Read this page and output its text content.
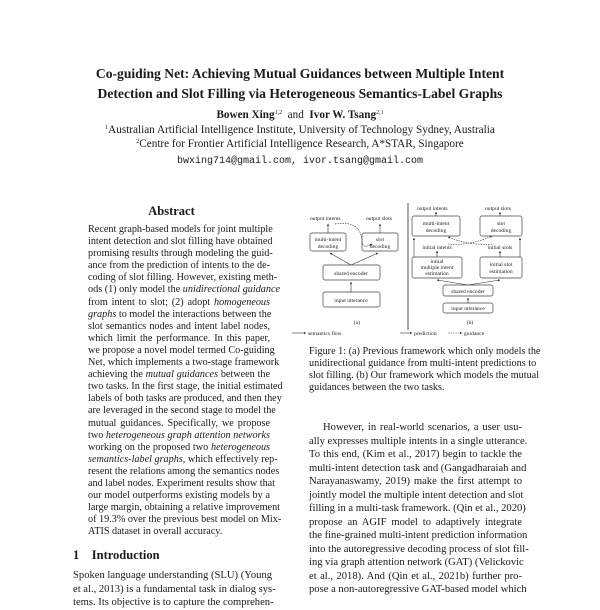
Co-guiding Net: Achieving Mutual Guidances between Multiple Intent
Detection and Slot Filling via Heterogeneous Semantics-Label Graphs
Bowen Xing$^{1,2}$ and Ivor W. Tsang$^{2,1}$
$^1$Australian Artificial Intelligence Institute, University of Technology Sydney, Australia
$^2$Centre for Frontier Artificial Intelligence Research, A*STAR, Singapore
bwxing714@gmail.com, ivor.tsang@gmail.com
Abstract
Recent graph-based models for joint multiple
intent detection and slot filling have obtained
promising results through modeling the guid-
ance from the prediction of intents to the de-
coding of slot filling. However, existing meth-
ods (1) only model the unidirectional guidance
from intent to slot; (2) adopt homogeneous
graphs to model the interactions between the
slot semantics nodes and intent label nodes,
which limit the performance. In this paper,
we propose a novel model termed Co-guiding
Net, which implements a two-stage framework
achieving the mutual guidances between the
two tasks. In the first stage, the initial estimated
labels of both tasks are produced, and then they
are leveraged in the second stage to model the
mutual guidances. Specifically, we propose
two heterogeneous graph attention networks
working on the proposed two heterogeneous
semantics-label graphs, which effectively rep-
resent the relations among the semantics nodes
and label nodes. Experiment results show that
our model outperforms existing models by a
large margin, obtaining a relative improvement
of 19.3% over the previous best model on Mix-
ATIS dataset in overall accuracy.
1 Introduction
Spoken language understanding (SLU) (Young
et al., 2013) is a fundamental task in dialog sys-
tems. Its objective is to capture the comprehen-
output intents	output slots
multi-intent
decoding
slot
decoding
shared encoder
input utterance
(a)
output intents	output slots
multi-intent
decoding
slot
decoding
initial intents	initial slots
initial
multiple intent
estimation
initial slot
estimation
shared encoder
input utterance
(b)
semantics flow	prediction	guidance
Figure 1: (a) Previous framework which only models the
unidirectional guidance from multi-intent predictions to
slot filling. (b) Our framework which models the mutual
guidances between the two tasks.
However, in real-world scenarios, a user usu-
ally expresses multiple intents in a single utterance.
To this end, (Kim et al., 2017) begin to tackle the
multi-intent detection task and (Gangadharaiah and
Narayanaswamy, 2019) make the first attempt to
jointly model the multiple intent detection and slot
filling in a multi-task framework. (Qin et al., 2020)
propose an AGIF model to adaptively integrate
the fine-grained multi-intent prediction information
into the autoregressive decoding process of slot fill-
ing via graph attention network (GAT) (Velickovic
et al., 2018). And (Qin et al., 2021b) further pro-
pose a non-autoregressive GAT-based model which
